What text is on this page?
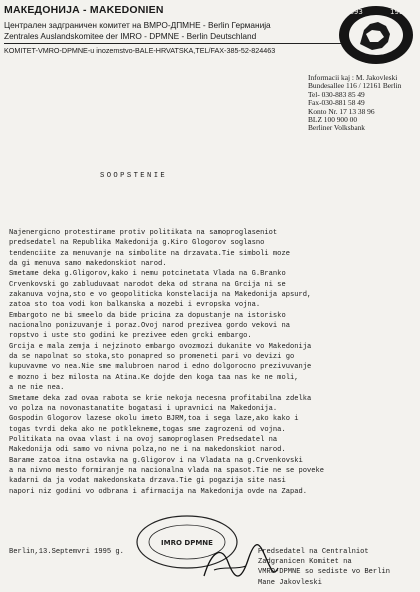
МАКЕДОНИЈА - MAKEDONIEN
Централен задграничен комитет на ВМРО-ДПМНЕ - Berlin Германија
Zentrales Auslandskomitee der IMRO - DPMNE - Berlin Deutschland
KOMITET-VMRO-DPMNE-u inozemstvo-BALE-HRVATSKA,TEL/FAX-385-52-824463
1893	1990
Informacii kaj : M. Jakovleski
Bundesallee 116 / 12161 Berlin
Tel- 030-883 85 49
Fax-030-881 58 49
Konto Nr. 17 13 38 96
BLZ 100 900 00
Berliner Volksbank
SOOPSTENIE

Najenergicno protestirame protiv politikata na samoproglaseniot

predsedatel na Republika Makedonija g.Kiro Glogorov soglasno

tendenciite za menuvanje na simbolite na drzavata.Tie simboli moze

da gi menuva samo makedonskiot narod.

Smetame deka g.Gligorov,kako i nemu potcinetata Vlada na G.Branko

Crvenkovski go zabluduvaat narodot deka od strana na Grcija ni se

zakanuva vojna,sto e vo geopoliticka konstelacija na Makedonija apsurd,

zatoa sto toa vodi kon balkanska a mozebi i evropska vojna.

Embargoto ne bi smeelo da bide pricina za dopustanje na istorisko

nacionalno ponizuvanje i poraz.Ovoj narod prezivea gordo vekovi na

ropstvo i uste sto godini ke prezivee eden grcki embargo.

Grcija e mala zemja i nejzinoto embargo ovozmozi dukanite vo Makedonija

da se napolnat so stoka,sto ponapred so promeneti pari vo devizi go

kupuvavme vo nea.Nie sme malubroen narod i edno dolgorocno prezivuvanje

e mozno i bez milosta na Atina.Ke dojde den koga taa nas ke ne moli,

a ne nie nea.

Smetame deka zad ovaa rabota se krie nekoja necesna profitabilna zdelka

vo polza na novonastanatite bogatasi i upravnici na Makedonija.

Gospodin Glogorov lazese okolu imeto BJRM,toa i sega laze,ako kako i

togas tvrdi deka ako ne potklekneme,togas sme zagrozeni od vojna.

Politikata na ovaa vlast i na ovoj samoproglasen Predsedatel na

Makedonija odi samo vo nivna polza,no ne i na makedonskiot narod.

Barame zatoa itna ostavka na g.Gligorov i na Vladata na g.Crvenkovski

a na nivno mesto formiranje na nacionalna vlada na spasot.Tie ne se poveke

kadarni da ja vodat makedonskata drzava.Tie gi pogazija site nasi

napori niz godini vo odbrana i afirmacija na Makedonija ovde na Zapad.

IMRO DPMNE
Berlin,13.Septemvri 1995 g.	Predsedatel na Centralniot
Zadgranicen Komitet na
VMRO-DPMNE so sediste vo Berlin
Mane Jakovleski
